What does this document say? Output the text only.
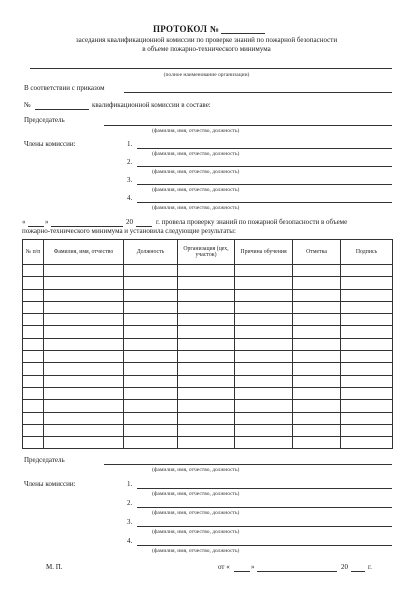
ПРОТОКОЛ №
заседания квалификационной комиссии по проверке знаний по пожарной безопасности
в объеме пожарно-технического минимума
(полное наименование организации)
В соответствии с приказом
№	квалификационной комиссии в составе:
Председатель
(фамилия, имя, отчество, должность)
Члены комиссии:	1.
(фамилия, имя, отчество, должность)
2.
(фамилия, имя, отчество, должность)
3.
(фамилия, имя, отчество, должность)
4.
(фамилия, имя, отчество, должность)
«	»	20	г. провела проверку знаний по пожарной безопасности в объеме
пожарно-технического минимума и установила следующие результаты:
№ п/п	Фамилия, имя, отчество	Должность	Организация (цех, участок)	Причина обучения	Отметка	Подпись

Председатель
(фамилия, имя, отчество, должность)
Члены комиссии:	1.
(фамилия, имя, отчество, должность)
2.
(фамилия, имя, отчество, должность)
3.
(фамилия, имя, отчество, должность)
4.
(фамилия, имя, отчество, должность)
М. П.	от «	»	20	г.
